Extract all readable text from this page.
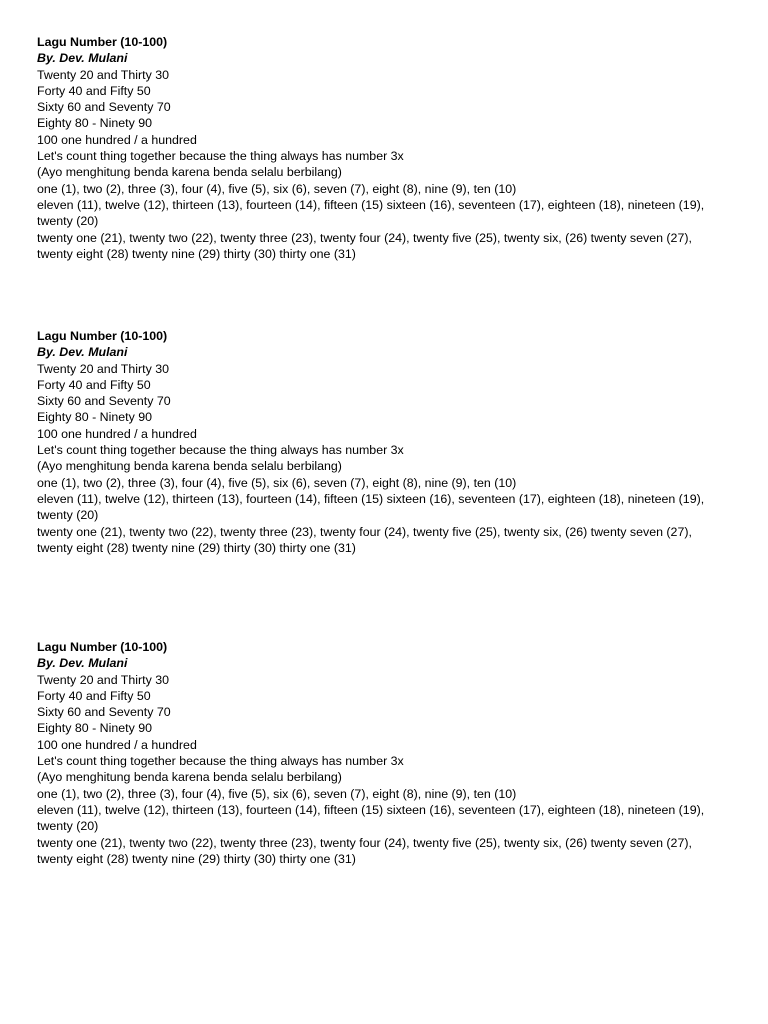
Lagu Number (10-100)
By. Dev. Mulani
Twenty 20 and Thirty 30
Forty 40 and Fifty 50
Sixty 60 and Seventy 70
Eighty 80 - Ninety 90
100 one hundred / a hundred
Let's count thing together because the thing always has number 3x
(Ayo menghitung benda karena benda selalu berbilang)
one (1), two (2), three (3), four (4), five (5), six (6), seven (7), eight (8), nine (9), ten (10)
eleven (11), twelve (12), thirteen (13), fourteen (14), fifteen (15) sixteen (16), seventeen (17), eighteen (18), nineteen (19), twenty (20)
twenty one (21), twenty two (22), twenty three (23), twenty four (24), twenty five (25), twenty six, (26) twenty seven (27), twenty eight (28) twenty nine (29) thirty (30) thirty one (31)
Lagu Number (10-100)
By. Dev. Mulani
Twenty 20 and Thirty 30
Forty 40 and Fifty 50
Sixty 60 and Seventy 70
Eighty 80 - Ninety 90
100 one hundred / a hundred
Let's count thing together because the thing always has number 3x
(Ayo menghitung benda karena benda selalu berbilang)
one (1), two (2), three (3), four (4), five (5), six (6), seven (7), eight (8), nine (9), ten (10)
eleven (11), twelve (12), thirteen (13), fourteen (14), fifteen (15) sixteen (16), seventeen (17), eighteen (18), nineteen (19), twenty (20)
twenty one (21), twenty two (22), twenty three (23), twenty four (24), twenty five (25), twenty six, (26) twenty seven (27), twenty eight (28) twenty nine (29) thirty (30) thirty one (31)
Lagu Number (10-100)
By. Dev. Mulani
Twenty 20 and Thirty 30
Forty 40 and Fifty 50
Sixty 60 and Seventy 70
Eighty 80 - Ninety 90
100 one hundred / a hundred
Let's count thing together because the thing always has number 3x
(Ayo menghitung benda karena benda selalu berbilang)
one (1), two (2), three (3), four (4), five (5), six (6), seven (7), eight (8), nine (9), ten (10)
eleven (11), twelve (12), thirteen (13), fourteen (14), fifteen (15) sixteen (16), seventeen (17), eighteen (18), nineteen (19), twenty (20)
twenty one (21), twenty two (22), twenty three (23), twenty four (24), twenty five (25), twenty six, (26) twenty seven (27), twenty eight (28) twenty nine (29) thirty (30) thirty one (31)
